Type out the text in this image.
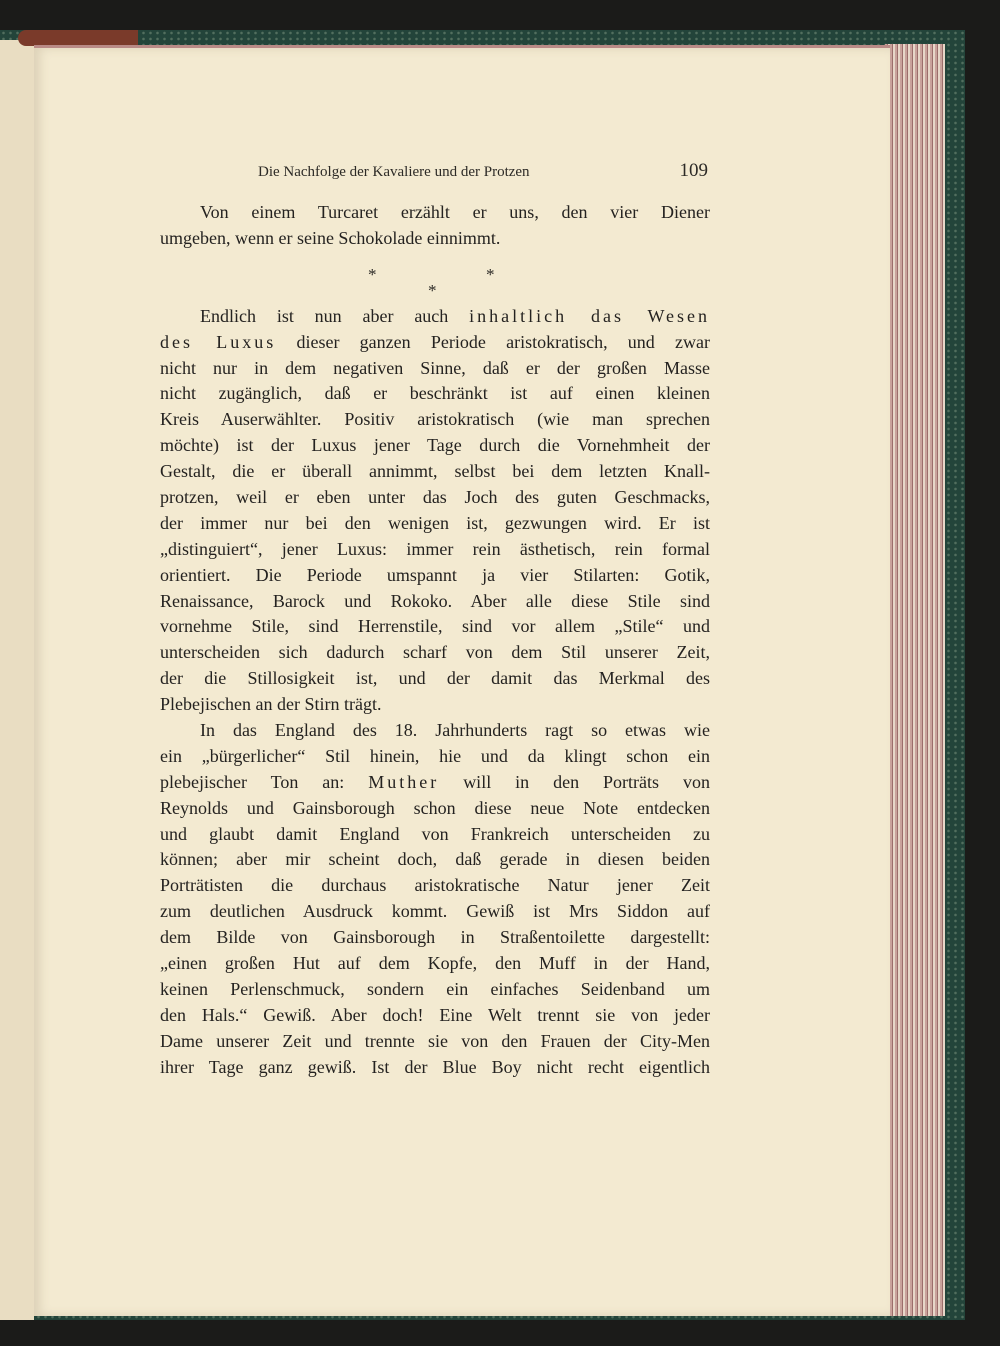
Die Nachfolge der Kavaliere und der Protzen	109
Von einem Turcaret erzählt er uns, den vier Diener
umgeben, wenn er seine Schokolade einnimmt.
*
*
*
Endlich ist nun aber auch inhaltlich das Wesen
des Luxus dieser ganzen Periode aristokratisch, und zwar
nicht nur in dem negativen Sinne, daß er der großen Masse
nicht zugänglich, daß er beschränkt ist auf einen kleinen
Kreis Auserwählter. Positiv aristokratisch (wie man sprechen
möchte) ist der Luxus jener Tage durch die Vornehmheit der
Gestalt, die er überall annimmt, selbst bei dem letzten Knall-
protzen, weil er eben unter das Joch des guten Geschmacks,
der immer nur bei den wenigen ist, gezwungen wird. Er ist
„distinguiert“, jener Luxus: immer rein ästhetisch, rein formal
orientiert. Die Periode umspannt ja vier Stilarten: Gotik,
Renaissance, Barock und Rokoko. Aber alle diese Stile sind
vornehme Stile, sind Herrenstile, sind vor allem „Stile“ und
unterscheiden sich dadurch scharf von dem Stil unserer Zeit,
der die Stillosigkeit ist, und der damit das Merkmal des
Plebejischen an der Stirn trägt.
In das England des 18. Jahrhunderts ragt so etwas wie
ein „bürgerlicher“ Stil hinein, hie und da klingt schon ein
plebejischer Ton an: Muther will in den Porträts von
Reynolds und Gainsborough schon diese neue Note entdecken
und glaubt damit England von Frankreich unterscheiden zu
können; aber mir scheint doch, daß gerade in diesen beiden
Porträtisten die durchaus aristokratische Natur jener Zeit
zum deutlichen Ausdruck kommt. Gewiß ist Mrs Siddon auf
dem Bilde von Gainsborough in Straßentoilette dargestellt:
„einen großen Hut auf dem Kopfe, den Muff in der Hand,
keinen Perlenschmuck, sondern ein einfaches Seidenband um
den Hals.“ Gewiß. Aber doch! Eine Welt trennt sie von jeder
Dame unserer Zeit und trennte sie von den Frauen der City-Men
ihrer Tage ganz gewiß. Ist der Blue Boy nicht recht eigentlich
